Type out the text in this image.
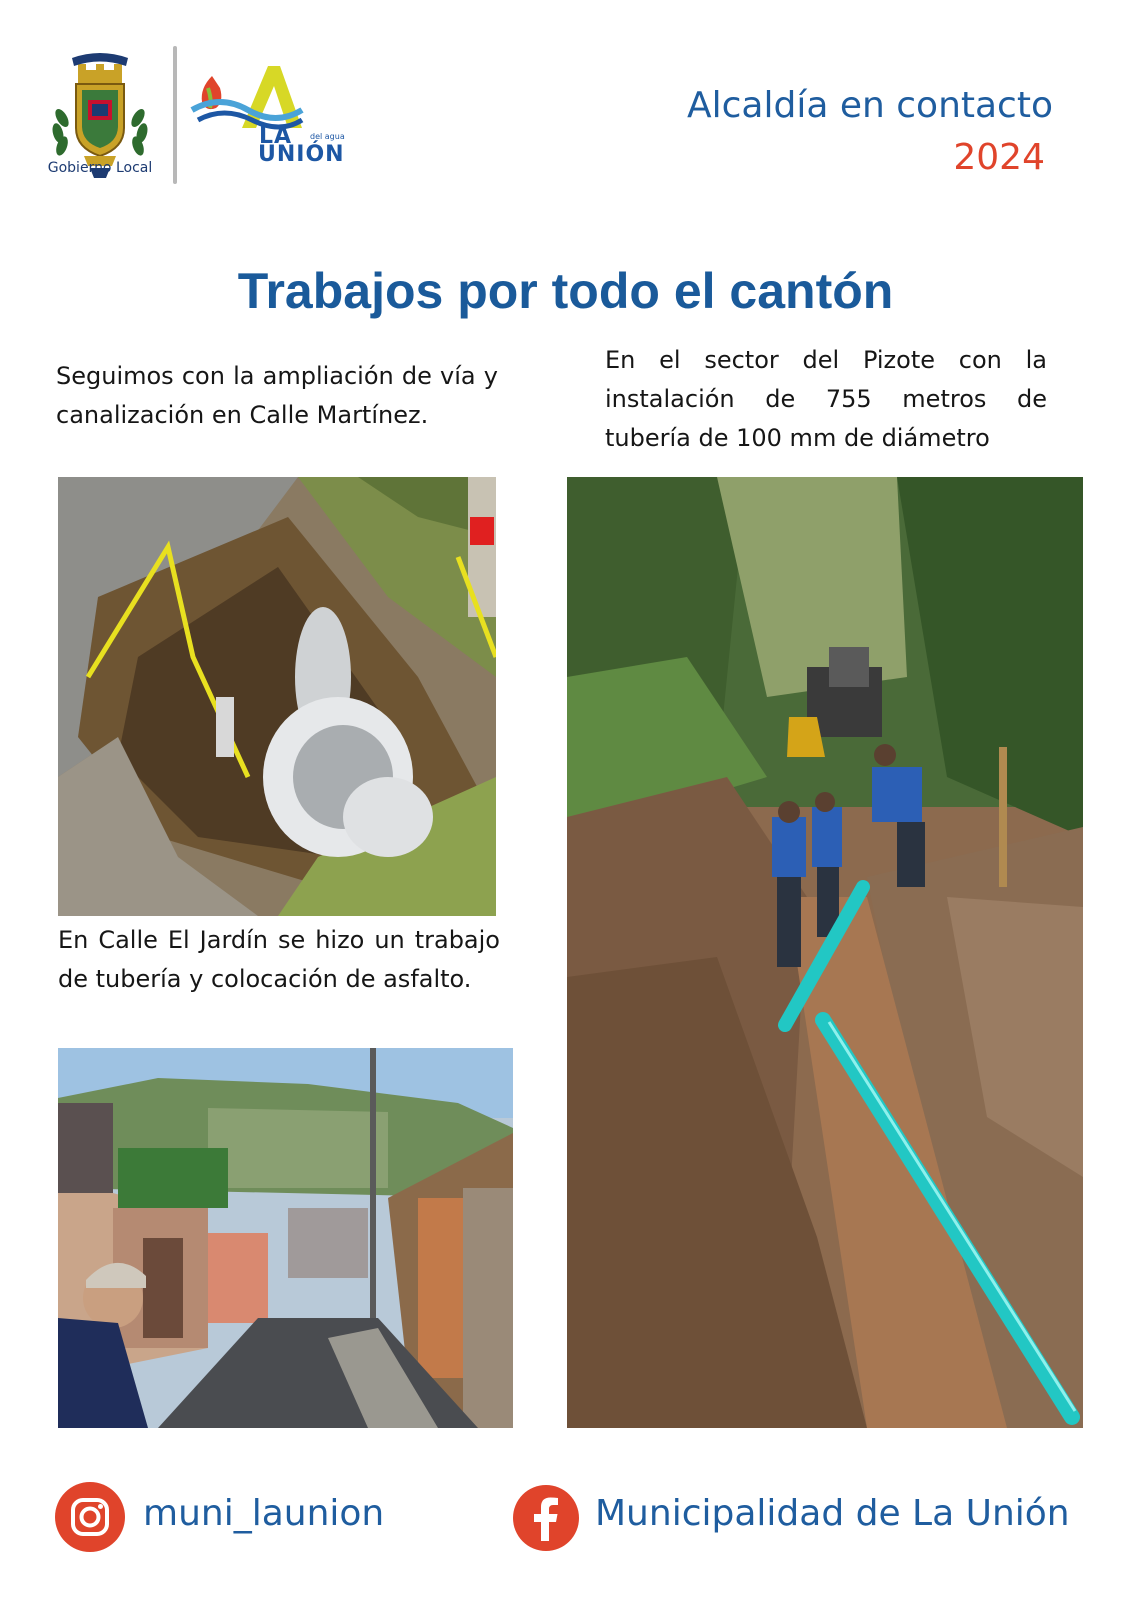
Gobierno Local
LA del agua
UNIÓN
Alcaldía en contacto
2024
Trabajos por todo el cantón
Seguimos con la ampliación de vía y canalización en Calle Martínez.
En el sector del Pizote con la instalación de 755 metros de tubería de 100 mm de diámetro
En Calle El Jardín se hizo un trabajo de tubería y colocación de asfalto.
muni_launion	Municipalidad de La Unión
